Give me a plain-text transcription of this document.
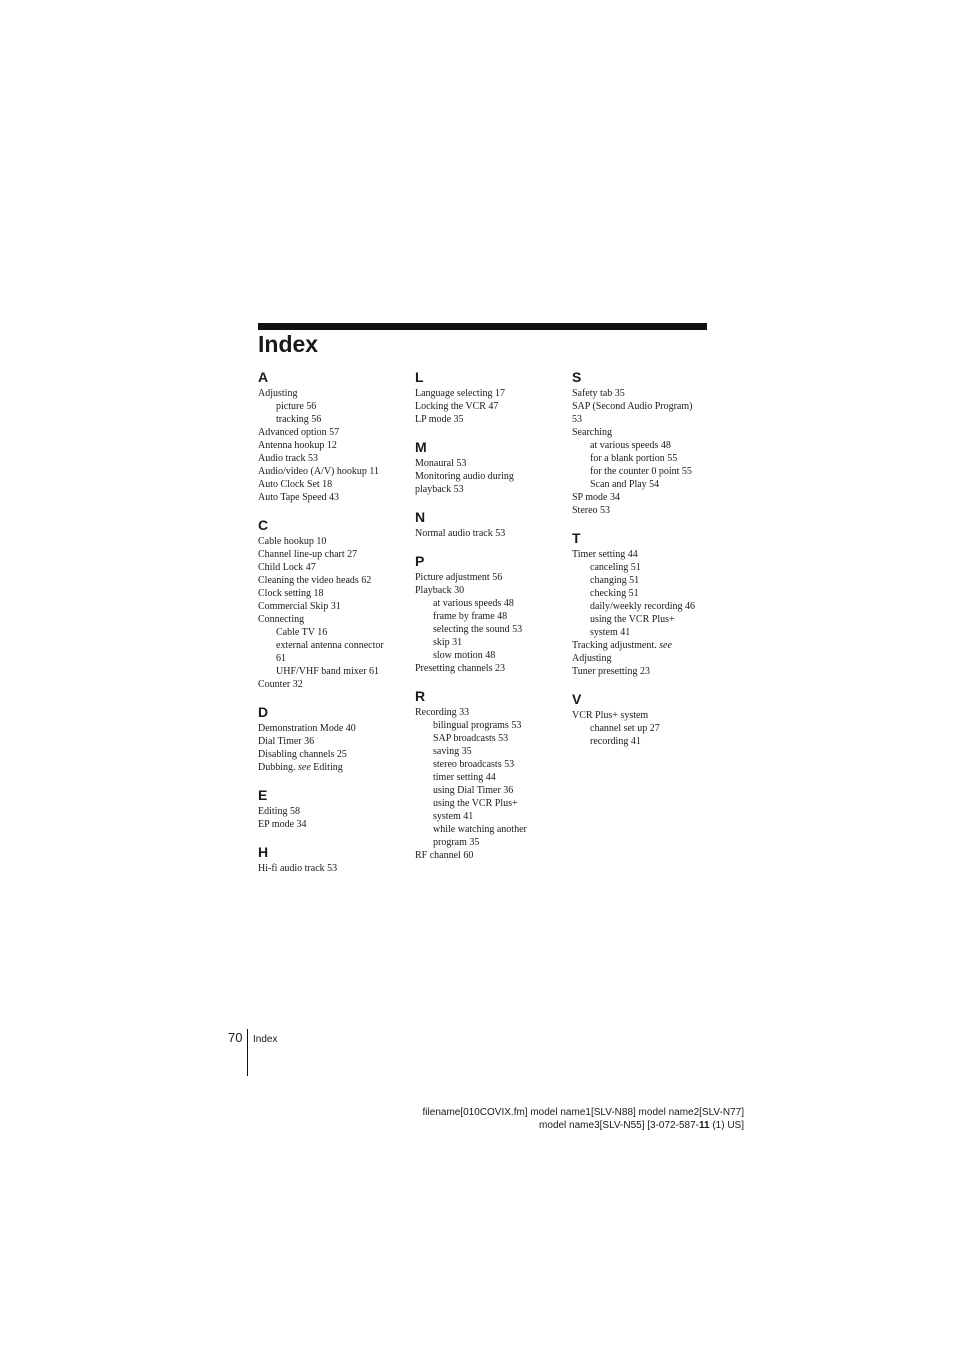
Index
A
Adjusting
picture 56
tracking 56
Advanced option 57
Antenna hookup 12
Audio track 53
Audio/video (A/V) hookup 11
Auto Clock Set 18
Auto Tape Speed 43
C
Cable hookup 10
Channel line-up chart 27
Child Lock 47
Cleaning the video heads 62
Clock setting 18
Commercial Skip 31
Connecting
Cable TV 16
external antenna connector
61
UHF/VHF band mixer 61
Counter 32
D
Demonstration Mode 40
Dial Timer 36
Disabling channels 25
Dubbing. see Editing
E
Editing 58
EP mode 34
H
Hi-fi audio track 53
L
Language selecting 17
Locking the VCR 47
LP mode 35
M
Monaural 53
Monitoring audio during
playback 53
N
Normal audio track 53
P
Picture adjustment 56
Playback 30
at various speeds 48
frame by frame 48
selecting the sound 53
skip 31
slow motion 48
Presetting channels 23
R
Recording 33
bilingual programs 53
SAP broadcasts 53
saving 35
stereo broadcasts 53
timer setting 44
using Dial Timer 36
using the VCR Plus+
system 41
while watching another
program 35
RF channel 60
S
Safety tab 35
SAP (Second Audio Program)
53
Searching
at various speeds 48
for a blank portion 55
for the counter 0 point 55
Scan and Play 54
SP mode 34
Stereo 53
T
Timer setting 44
canceling 51
changing 51
checking 51
daily/weekly recording 46
using the VCR Plus+
system 41
Tracking adjustment. see
Adjusting
Tuner presetting 23
V
VCR Plus+ system
channel set up 27
recording 41
70 Index
filename[010COVIX.fm] model name1[SLV-N88] model name2[SLV-N77]
model name3[SLV-N55] [3-072-587-11 (1) US]
